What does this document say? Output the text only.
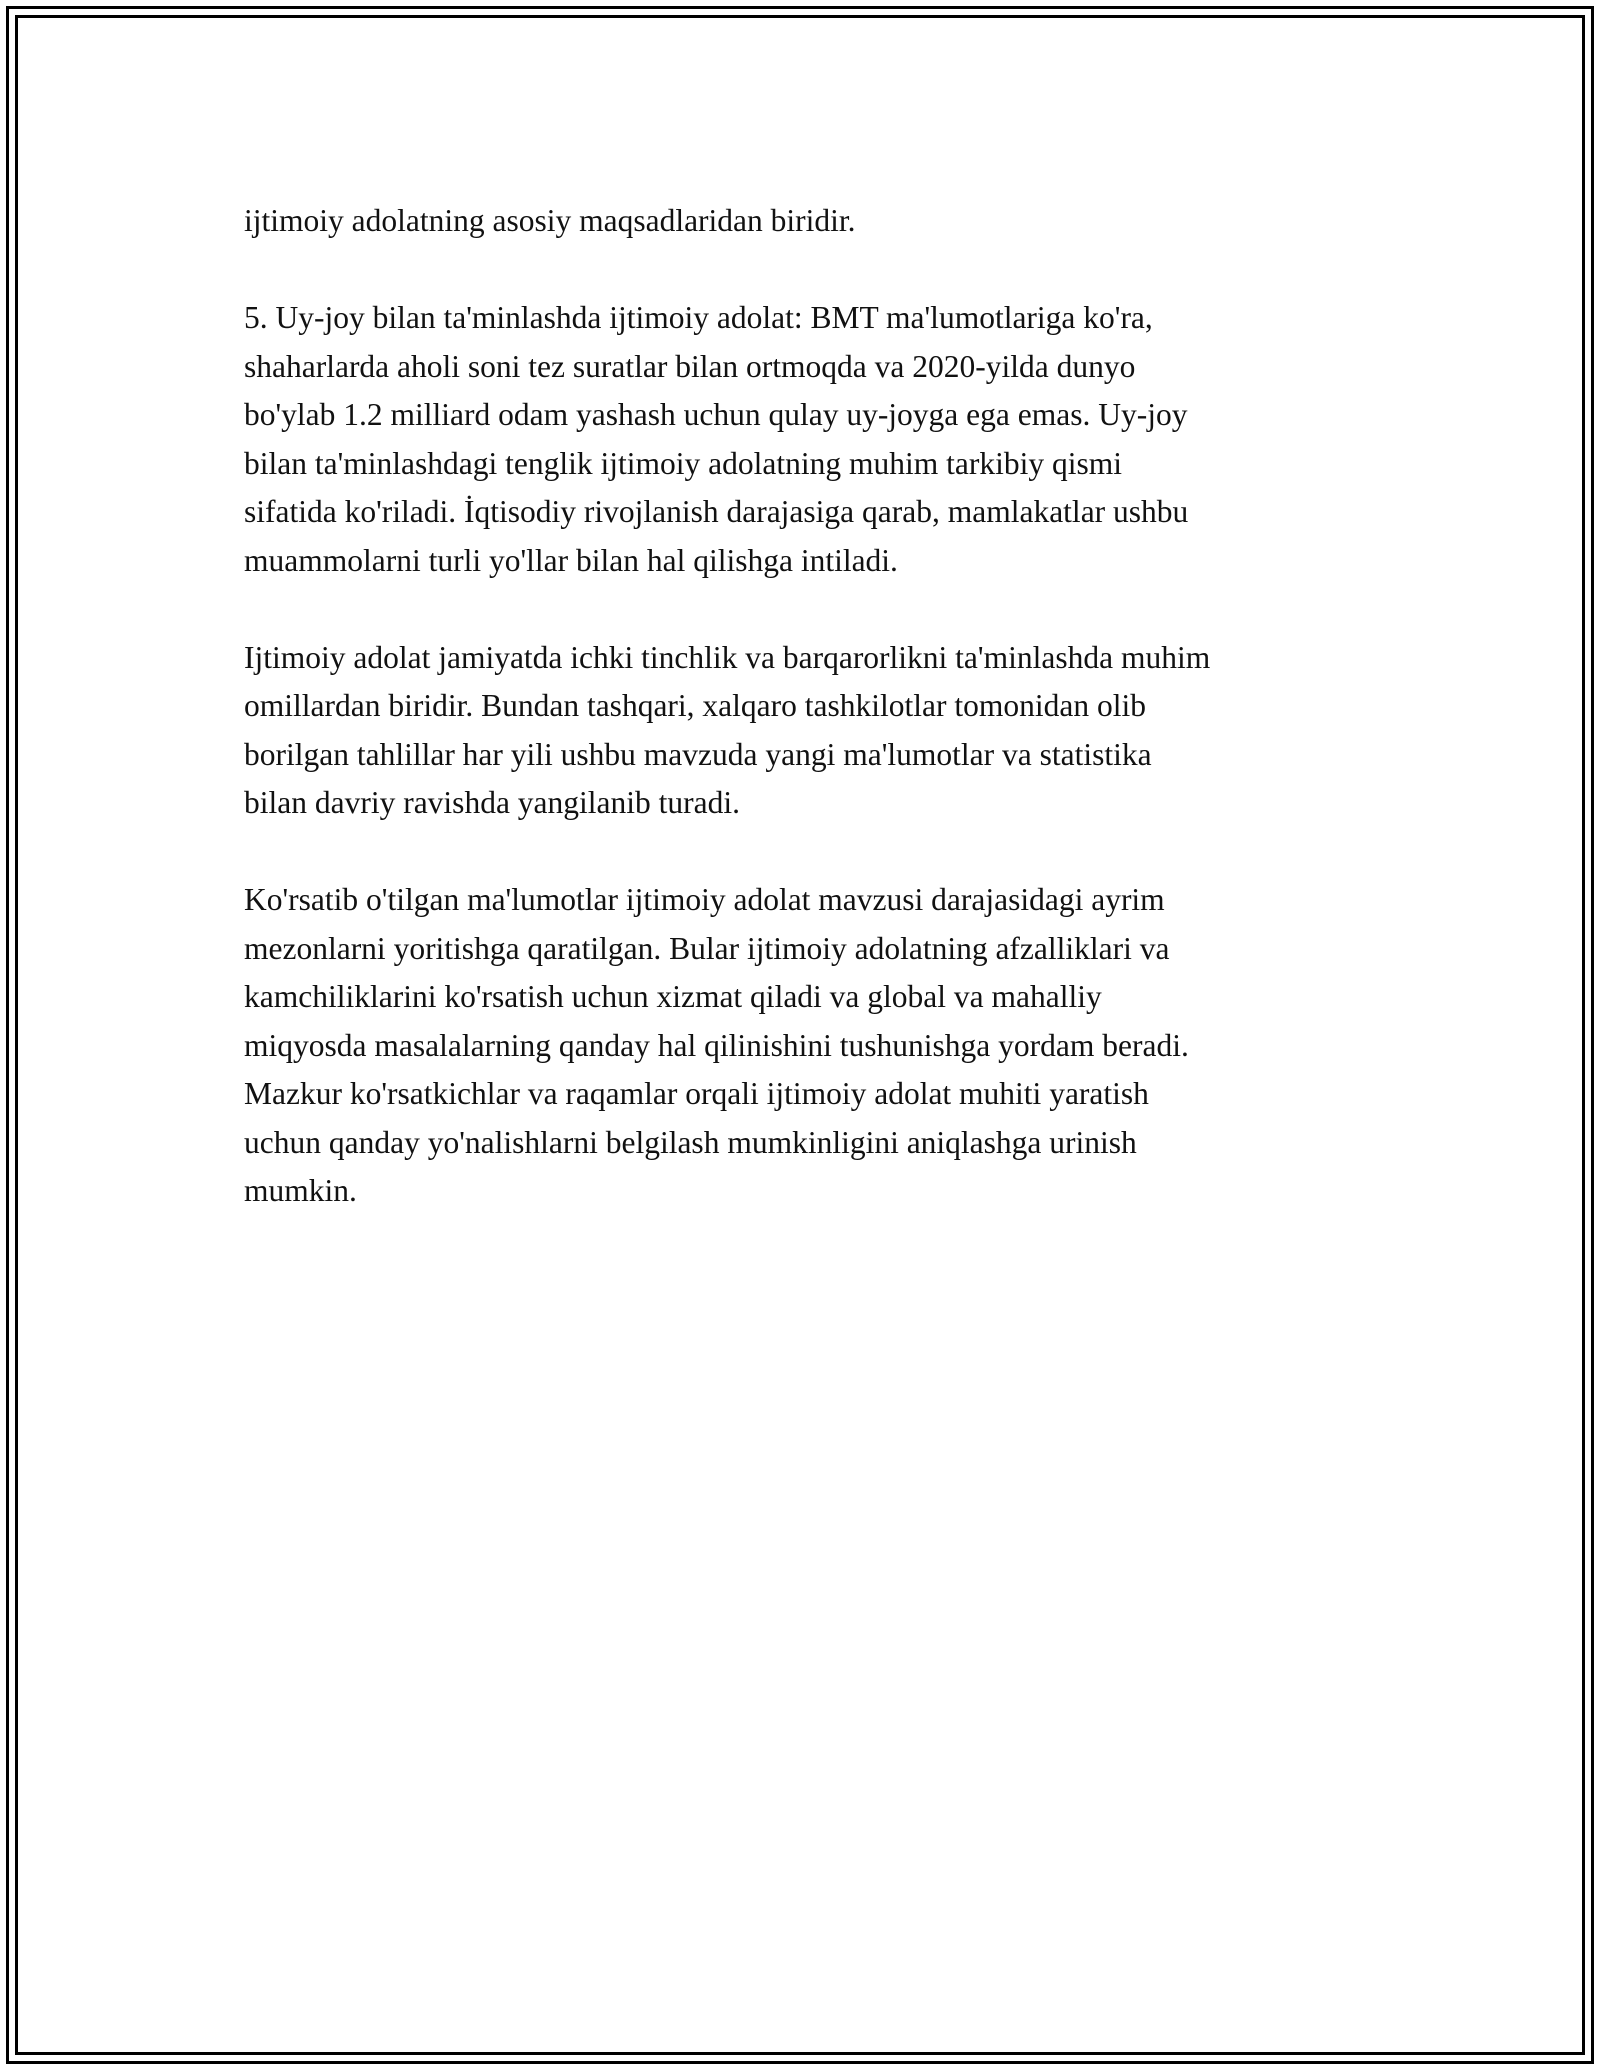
ijtimoiy adolatning asosiy maqsadlaridan biridir.

5. Uy-joy bilan ta'minlashda ijtimoiy adolat: BMT ma'lumotlariga ko'ra,
shaharlarda aholi soni tez suratlar bilan ortmoqda va 2020-yilda dunyo
bo'ylab 1.2 milliard odam yashash uchun qulay uy-joyga ega emas. Uy-joy
bilan ta'minlashdagi tenglik ijtimoiy adolatning muhim tarkibiy qismi
sifatida ko'riladi. İqtisodiy rivojlanish darajasiga qarab, mamlakatlar ushbu
muammolarni turli yo'llar bilan hal qilishga intiladi.

Ijtimoiy adolat jamiyatda ichki tinchlik va barqarorlikni ta'minlashda muhim
omillardan biridir. Bundan tashqari, xalqaro tashkilotlar tomonidan olib
borilgan tahlillar har yili ushbu mavzuda yangi ma'lumotlar va statistika
bilan davriy ravishda yangilanib turadi.

Ko'rsatib o'tilgan ma'lumotlar ijtimoiy adolat mavzusi darajasidagi ayrim
mezonlarni yoritishga qaratilgan. Bular ijtimoiy adolatning afzalliklari va
kamchiliklarini ko'rsatish uchun xizmat qiladi va global va mahalliy
miqyosda masalalarning qanday hal qilinishini tushunishga yordam beradi.
Mazkur ko'rsatkichlar va raqamlar orqali ijtimoiy adolat muhiti yaratish
uchun qanday yo'nalishlarni belgilash mumkinligini aniqlashga urinish
mumkin.
